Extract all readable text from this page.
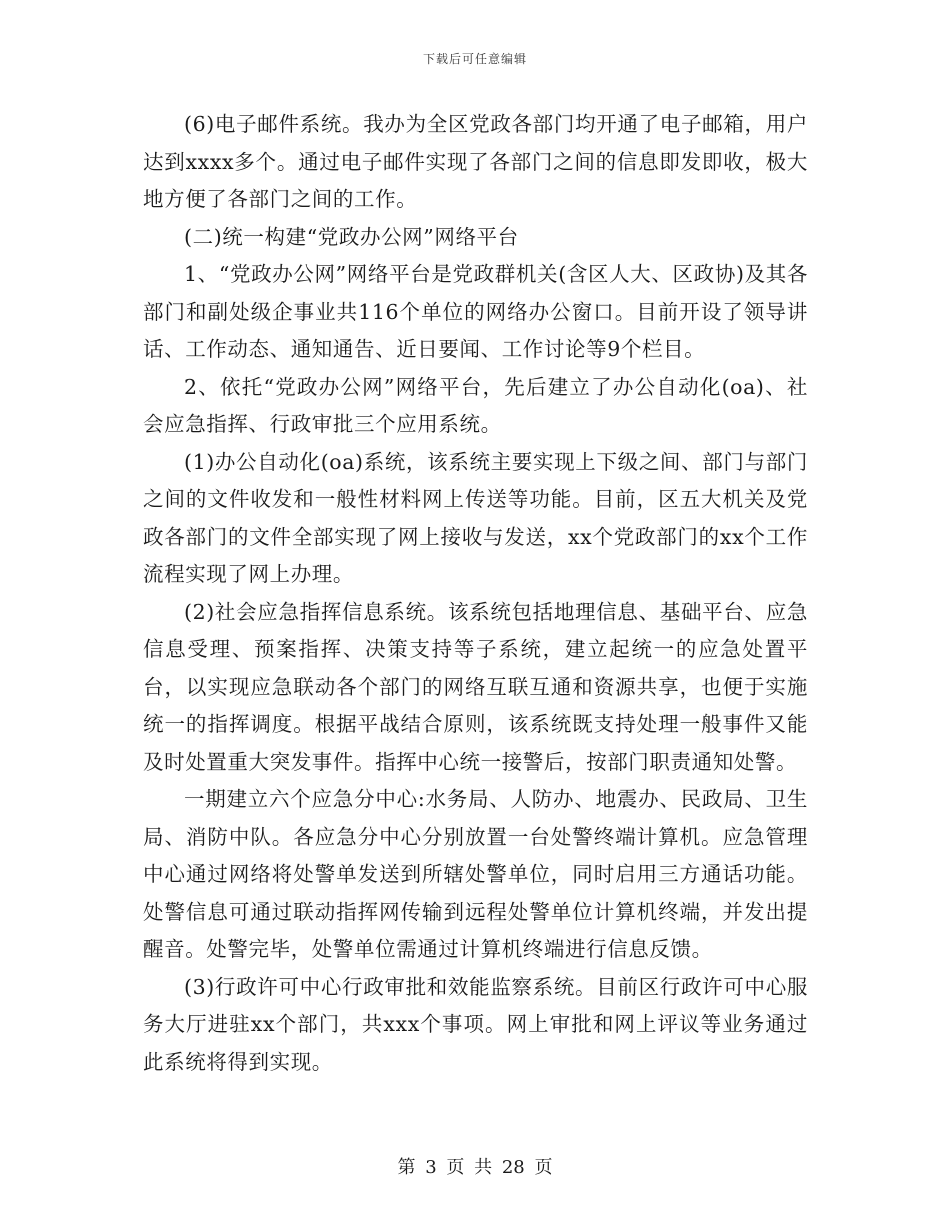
下载后可任意编辑

(6)电子邮件系统。我办为全区党政各部门均开通了电子邮箱，用户达到xxxx多个。通过电子邮件实现了各部门之间的信息即发即收，极大地方便了各部门之间的工作。

(二)统一构建“党政办公网”网络平台

1、“党政办公网”网络平台是党政群机关(含区人大、区政协)及其各部门和副处级企事业共116个单位的网络办公窗口。目前开设了领导讲话、工作动态、通知通告、近日要闻、工作讨论等9个栏目。

2、依托“党政办公网”网络平台，先后建立了办公自动化(oa)、社会应急指挥、行政审批三个应用系统。

(1)办公自动化(oa)系统，该系统主要实现上下级之间、部门与部门之间的文件收发和一般性材料网上传送等功能。目前，区五大机关及党政各部门的文件全部实现了网上接收与发送，xx个党政部门的xx个工作流程实现了网上办理。

(2)社会应急指挥信息系统。该系统包括地理信息、基础平台、应急信息受理、预案指挥、决策支持等子系统，建立起统一的应急处置平台，以实现应急联动各个部门的网络互联互通和资源共享，也便于实施统一的指挥调度。根据平战结合原则，该系统既支持处理一般事件又能及时处置重大突发事件。指挥中心统一接警后，按部门职责通知处警。

一期建立六个应急分中心:水务局、人防办、地震办、民政局、卫生局、消防中队。各应急分中心分别放置一台处警终端计算机。应急管理中心通过网络将处警单发送到所辖处警单位，同时启用三方通话功能。处警信息可通过联动指挥网传输到远程处警单位计算机终端，并发出提醒音。处警完毕，处警单位需通过计算机终端进行信息反馈。

(3)行政许可中心行政审批和效能监察系统。目前区行政许可中心服务大厅进驻xx个部门，共xxx个事项。网上审批和网上评议等业务通过此系统将得到实现。

第 3 页 共 28 页
